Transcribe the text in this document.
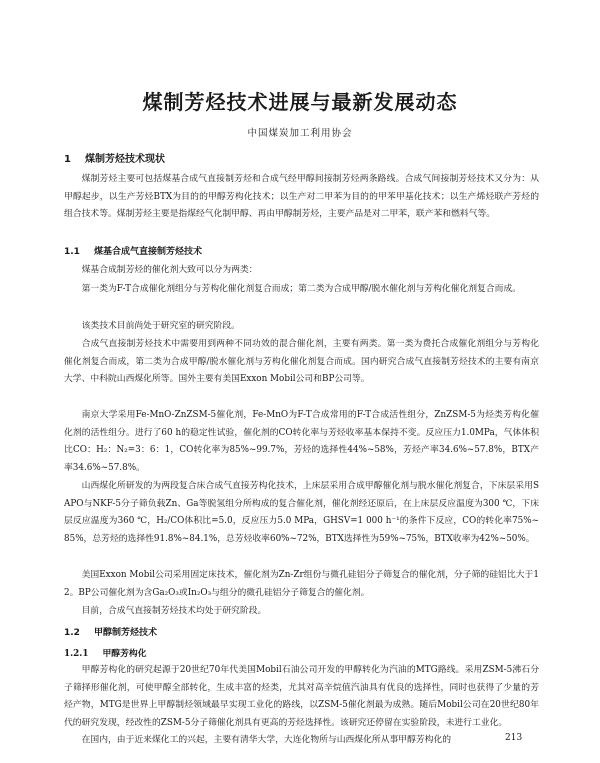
煤制芳烃技术进展与最新发展动态

中国煤炭加工利用协会

1 煤制芳烃技术现状

煤制芳烃主要可包括煤基合成气直接制芳烃和合成气经甲醇间接制芳烃两条路线。合成气间接制芳烃技术又分为：从甲醇起步，以生产芳烃BTX为目的的甲醇芳构化技术；以生产对二甲苯为目的的甲苯甲基化技术；以生产烯烃联产芳烃的组合技术等。煤制芳烃主要是指煤经气化制甲醇、再由甲醇制芳烃，主要产品是对二甲苯，联产苯和燃料气等。

1.1 煤基合成气直接制芳烃技术

煤基合成制芳烃的催化剂大致可以分为两类：

第一类为F-T合成催化剂组分与芳构化催化剂复合而成；第二类为合成甲醇/脱水催化剂与芳构化催化剂复合而成。

该类技术目前尚处于研究室的研究阶段。

合成气直接制芳烃技术中需要用到两种不同功效的混合催化剂，主要有两类。第一类为费托合成催化剂组分与芳构化催化剂复合而成，第二类为合成甲醇/脱水催化剂与芳构化催化剂复合而成。国内研究合成气直接制芳烃技术的主要有南京大学、中科院山西煤化所等。国外主要有美国Exxon Mobil公司和BP公司等。

南京大学采用Fe-MnO-ZnZSM-5催化剂，Fe-MnO为F-T合成常用的F-T合成活性组分，ZnZSM-5为烃类芳构化催化剂的活性组分。进行了60 h的稳定性试验，催化剂的CO转化率与芳烃收率基本保持不变。反应压力1.0MPa，气体体积比CO：H₂：N₂=3：6：1，CO转化率为85%~99.7%，芳烃的选择性44%~58%，芳烃产率34.6%~57.8%，BTX产率34.6%~57.8%。

山西煤化所研发的为两段复合床合成气直接芳构化技术，上床层采用合成甲醇催化剂与脱水催化剂复合，下床层采用SAPO与NKF-5分子筛负载Zn、Ga等脱氢组分所构成的复合催化剂，催化剂经还原后，在上床层反应温度为300 ℃，下床层反应温度为360 ℃，H₂/CO体积比=5.0，反应压力5.0 MPa，GHSV=1 000 h⁻¹的条件下反应，CO的转化率75%~85%，总芳烃的选择性91.8%~84.1%，总芳烃收率60%~72%，BTX选择性为59%~75%，BTX收率为42%~50%。

美国Exxon Mobil公司采用固定床技术，催化剂为Zn-Zr组份与微孔硅铝分子筛复合的催化剂，分子筛的硅铝比大于12。BP公司催化剂为含Ga₂O₃或In₂O₃与组分的微孔硅铝分子筛复合的催化剂。

目前，合成气直接制芳烃技术均处于研究阶段。

1.2 甲醇制芳烃技术
1.2.1 甲醇芳构化

甲醇芳构化的研究起源于20世纪70年代美国Mobil石油公司开发的甲醇转化为汽油的MTG路线。采用ZSM-5沸石分子筛择形催化剂，可使甲醇全部转化，生成丰富的烃类，尤其对高辛烷值汽油具有优良的选择性，同时也获得了少量的芳烃产物，MTG是世界上甲醇制烃领域最早实现工业化的路线，以ZSM-5催化剂最为成熟。随后Mobil公司在20世纪80年代的研究发现，经改性的ZSM-5分子筛催化剂具有更高的芳烃选择性。该研究还停留在实验阶段，未进行工业化。

在国内，由于近来煤化工的兴起，主要有清华大学，大连化物所与山西煤化所从事甲醇芳构化的	213
